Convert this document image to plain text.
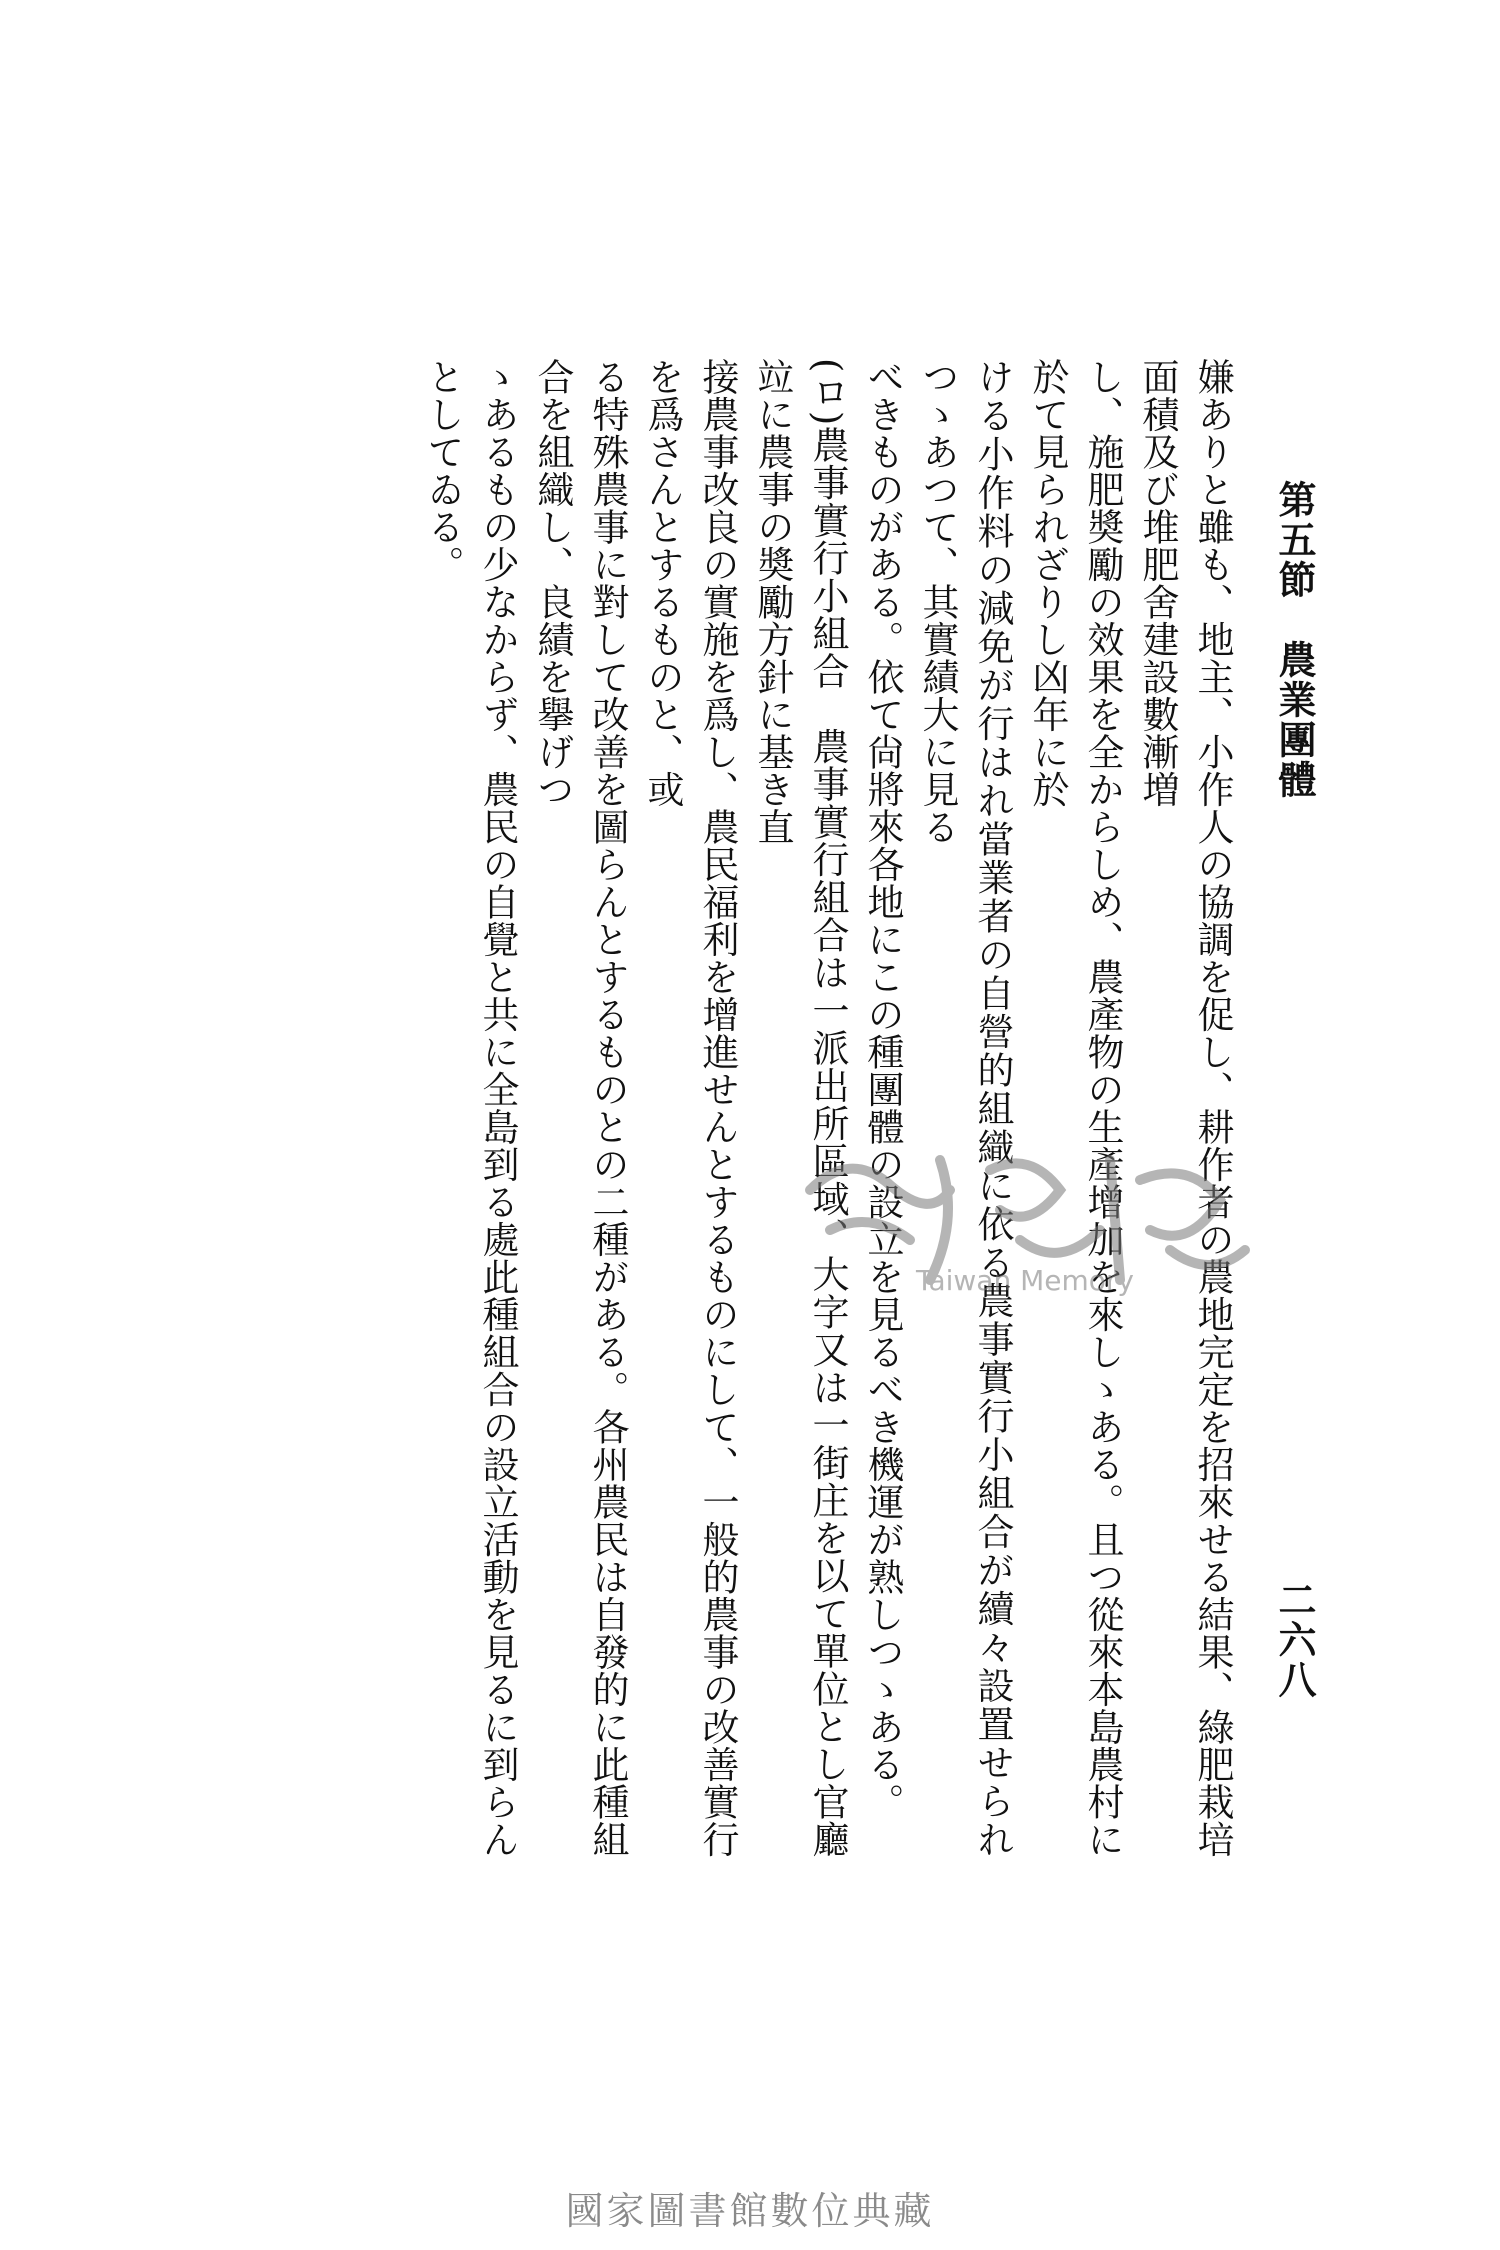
第五節　農業團體
二六八

嫌ありと雖も、地主、小作人の協調を促し、耕作者の農地完定を招來せる結果、綠肥栽培面積及び堆肥舍建設數漸増

し、施肥奬勵の效果を全からしめ、農產物の生產增加を來しゝある。且つ從來本島農村に於て見られざりし凶年に於

ける小作料の減免が行はれ當業者の自營的組織に依る農事實行小組合が續々設置せられつゝあつて、其實績大に見る

べきものがある。依て尙將來各地にこの種團體の設立を見るべき機運が熟しつゝある。

(ロ)農事實行小組合　農事實行組合は一派出所區域、大字又は一街庄を以て單位とし官廳竝に農事の奬勵方針に基き直

接農事改良の實施を爲し、農民福利を增進せんとするものにして、一般的農事の改善實行を爲さんとするものと、或

る特殊農事に對して改善を圖らんとするものとの二種がある。各州農民は自發的に此種組合を組織し、良績を擧げつ

ゝあるもの少なからず、農民の自覺と共に全島到る處此種組合の設立活動を見るに到らんとしてゐる。

Taiwan Memory
國家圖書館數位典藏
